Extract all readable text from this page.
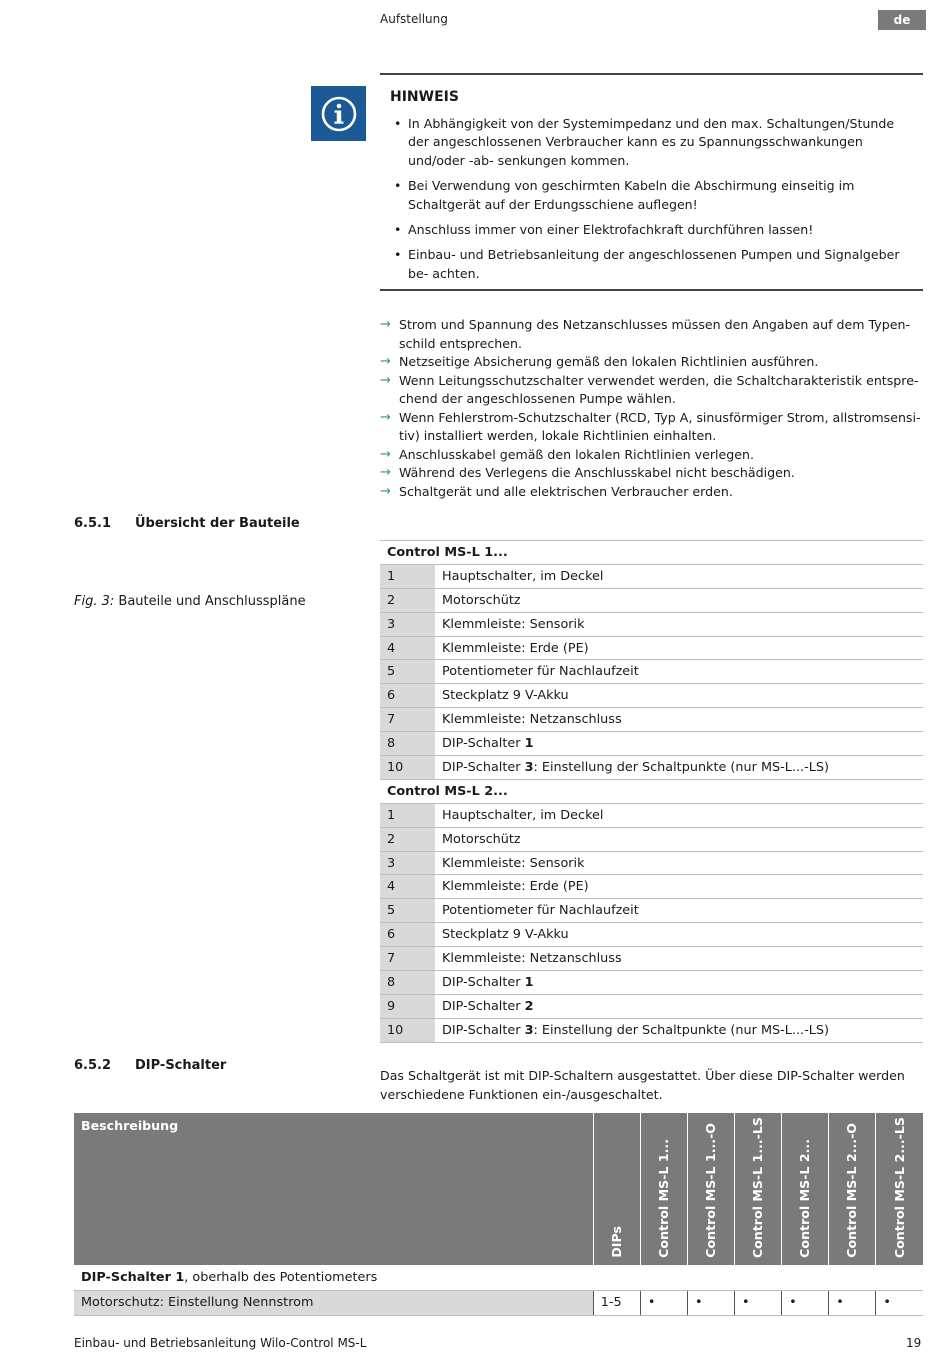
Aufstellung	de
HINWEIS
• In Abhängigkeit von der Systemimpedanz und den max. Schaltungen/Stunde der angeschlossenen Verbraucher kann es zu Spannungsschwankungen und/oder -ab- senkungen kommen.
• Bei Verwendung von geschirmten Kabeln die Abschirmung einseitig im Schaltgerät auf der Erdungsschiene auflegen!
• Anschluss immer von einer Elektrofachkraft durchführen lassen!
• Einbau- und Betriebsanleitung der angeschlossenen Pumpen und Signalgeber be- achten.
→ Strom und Spannung des Netzanschlusses müssen den Angaben auf dem Typen- schild entsprechen.
→ Netzseitige Absicherung gemäß den lokalen Richtlinien ausführen.
→ Wenn Leitungsschutzschalter verwendet werden, die Schaltcharakteristik entspre- chend der angeschlossenen Pumpe wählen.
→ Wenn Fehlerstrom-Schutzschalter (RCD, Typ A, sinusförmiger Strom, allstromsensi- tiv) installiert werden, lokale Richtlinien einhalten.
→ Anschlusskabel gemäß den lokalen Richtlinien verlegen.
→ Während des Verlegens die Anschlusskabel nicht beschädigen.
→ Schaltgerät und alle elektrischen Verbraucher erden.
6.5.1 Übersicht der Bauteile
Fig. 3: Bauteile und Anschlusspläne
Control MS-L 1...	
1	Hauptschalter, im Deckel
2	Motorschütz
3	Klemmleiste: Sensorik
4	Klemmleiste: Erde (PE)
5	Potentiometer für Nachlaufzeit
6	Steckplatz 9 V-Akku
7	Klemmleiste: Netzanschluss
8	DIP-Schalter 1
10	DIP-Schalter 3: Einstellung der Schaltpunkte (nur MS-L...-LS)
Control MS-L 2...	
1	Hauptschalter, im Deckel
2	Motorschütz
3	Klemmleiste: Sensorik
4	Klemmleiste: Erde (PE)
5	Potentiometer für Nachlaufzeit
6	Steckplatz 9 V-Akku
7	Klemmleiste: Netzanschluss
8	DIP-Schalter 1
9	DIP-Schalter 2
10	DIP-Schalter 3: Einstellung der Schaltpunkte (nur MS-L...-LS)
6.5.2 DIP-Schalter
Das Schaltgerät ist mit DIP-Schaltern ausgestattet. Über diese DIP-Schalter werden verschiedene Funktionen ein-/ausgeschaltet.
Beschreibung	DIPs	Control MS-L 1...	Control MS-L 1...-O	Control MS-L 1...-LS	Control MS-L 2...	Control MS-L 2...-O	Control MS-L 2...-LS
DIP-Schalter 1, oberhalb des Potentiometers							
Motorschutz: Einstellung Nennstrom	1-5	•	•	•	•	•	•
Einbau- und Betriebsanleitung Wilo-Control MS-L	19
